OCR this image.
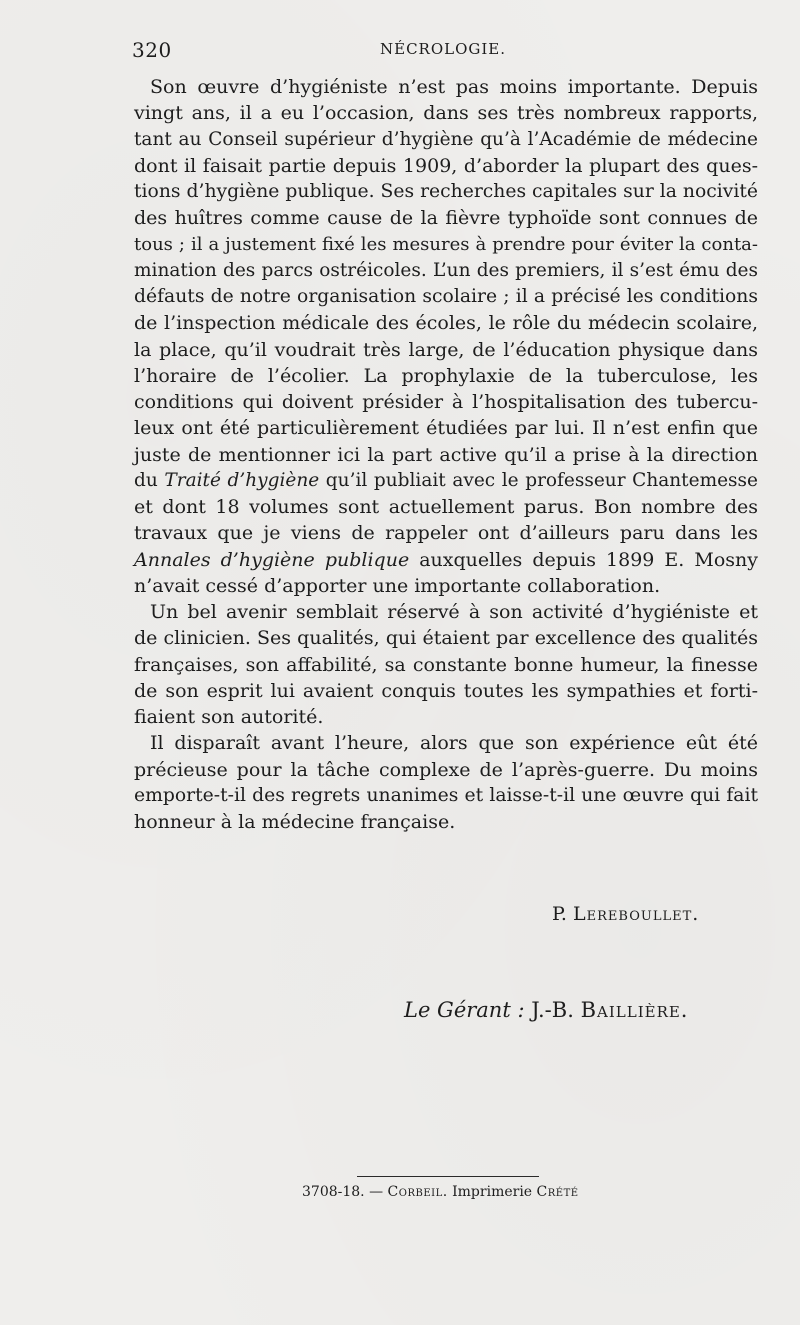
320	NÉCROLOGIE.
Son œuvre d’hygiéniste n’est pas moins importante. Depuis
vingt ans, il a eu l’occasion, dans ses très nombreux rapports,
tant au Conseil supérieur d’hygiène qu’à l’Académie de médecine
dont il faisait partie depuis 1909, d’aborder la plupart des ques-
tions d’hygiène publique. Ses recherches capitales sur la nocivité
des huîtres comme cause de la fièvre typhoïde sont connues de
tous ; il a justement fixé les mesures à prendre pour éviter la conta-
mination des parcs ostréicoles. L’un des premiers, il s’est ému des
défauts de notre organisation scolaire ; il a précisé les conditions
de l’inspection médicale des écoles, le rôle du médecin scolaire,
la place, qu’il voudrait très large, de l’éducation physique dans
l’horaire de l’écolier. La prophylaxie de la tuberculose, les
conditions qui doivent présider à l’hospitalisation des tubercu-
leux ont été particulièrement étudiées par lui. Il n’est enfin que
juste de mentionner ici la part active qu’il a prise à la direction
du Traité d’hygiène qu’il publiait avec le professeur Chantemesse
et dont 18 volumes sont actuellement parus. Bon nombre des
travaux que je viens de rappeler ont d’ailleurs paru dans les
Annales d’hygiène publique auxquelles depuis 1899 E. Mosny
n’avait cessé d’apporter une importante collaboration.
Un bel avenir semblait réservé à son activité d’hygiéniste et
de clinicien. Ses qualités, qui étaient par excellence des qualités
françaises, son affabilité, sa constante bonne humeur, la finesse
de son esprit lui avaient conquis toutes les sympathies et forti-
fiaient son autorité.
Il disparaît avant l’heure, alors que son expérience eût été
précieuse pour la tâche complexe de l’après-guerre. Du moins
emporte-t-il des regrets unanimes et laisse-t-il une œuvre qui fait
honneur à la médecine française.
P. Lereboullet.
Le Gérant : J.-B. Baillière.
3708-18. — Corbeil. Imprimerie Crété
